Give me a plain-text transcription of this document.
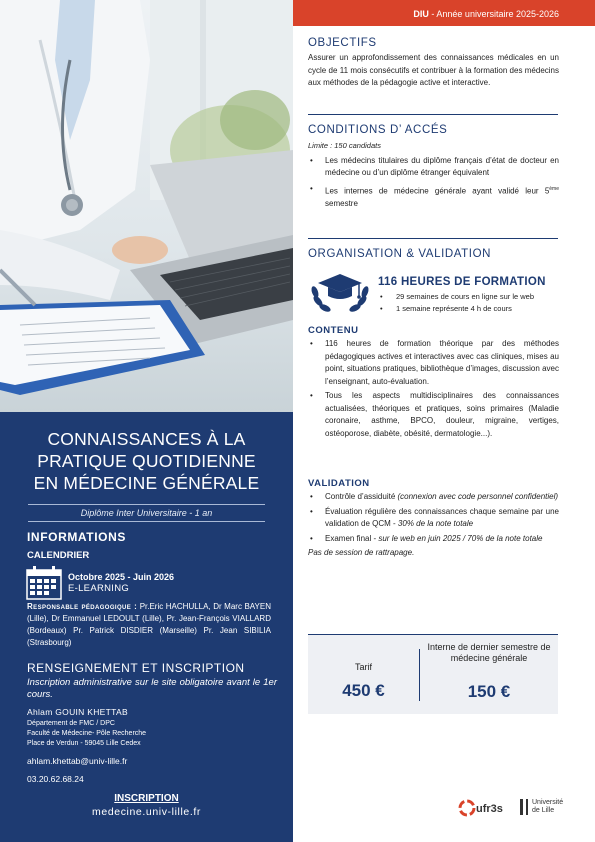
CONNAISSANCES À LA
PRATIQUE QUOTIDIENNE
EN MÉDECINE GÉNÉRALE
Diplôme Inter Universitaire - 1 an
INFORMATIONS
CALENDRIER
Octobre 2025 - Juin 2026
E-LEARNING
Responsable pédagogique : Pr.Eric HACHULLA, Dr Marc BAYEN (Lille), Dr Emmanuel LEDOULT (Lille), Pr. Jean-François VIALLARD (Bordeaux) Pr. Patrick DISDIER (Marseille) Pr. Jean SIBILIA (Strasbourg)
RENSEIGNEMENT ET INSCRIPTION
Inscription administrative sur le site obligatoire avant le 1er cours.
Ahlam GOUIN KHETTAB
Département de FMC / DPC
Faculté de Médecine- Pôle Recherche
Place de Verdun - 59045 Lille Cedex
ahlam.khettab@univ-lille.fr
03.20.62.68.24
INSCRIPTION
medecine.univ-lille.fr
DIU - Année universitaire 2025-2026
OBJECTIFS
Assurer un approfondissement des connaissances médicales en un cycle de 11 mois consécutifs et contribuer à la formation des médecins aux méthodes de la pédagogie active et interactive.
CONDITIONS D’ ACCÉS
Limite : 150 candidats
• Les médecins titulaires du diplôme français d’état de docteur en médecine ou d’un diplôme étranger équivalent
• Les internes de médecine générale ayant validé leur 5ème semestre
ORGANISATION & VALIDATION
116 HEURES DE FORMATION
• 29 semaines de cours en ligne sur le web
• 1 semaine représente 4 h de cours
CONTENU
• 116 heures de formation théorique par des méthodes pédagogiques actives et interactives avec cas cliniques, mises au point, situations pratiques, bibliothèque d’images, discussion avec l’enseignant, auto-évaluation.
• Tous les aspects multidisciplinaires des connaissances actualisées, théoriques et pratiques, soins primaires (Maladie coronaire, asthme, BPCO, douleur, migraine, vertiges, ostéoporose, diabète, obésité, dermatologie...).
VALIDATION
• Contrôle d’assiduité (connexion avec code personnel confidentiel)
• Évaluation régulière des connaissances chaque semaine par une validation de QCM - 30% de la note totale
• Examen final - sur le web en juin 2025 / 70% de la note totale
Pas de session de rattrapage.
Tarif
450 €
Interne de dernier semestre de médecine générale
150 €
ufr3s
Université
de Lille
